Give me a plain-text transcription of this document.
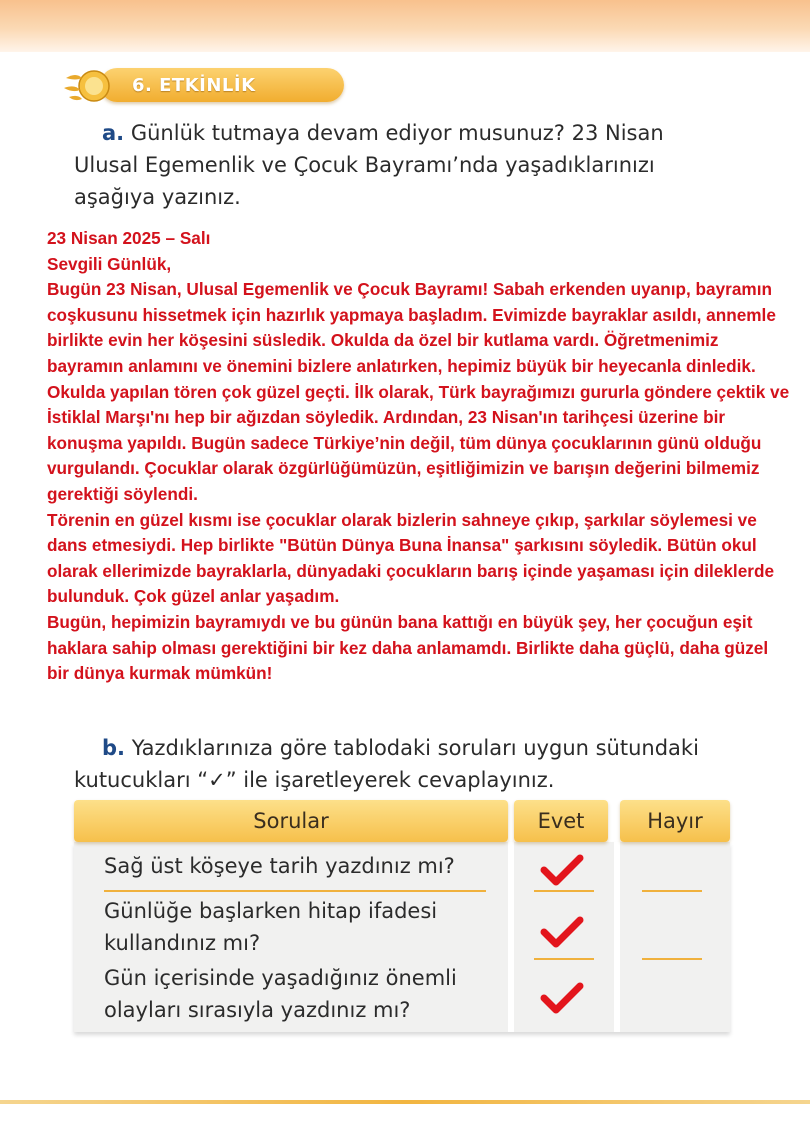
6. ETKİNLİK
a. Günlük tutmaya devam ediyor musunuz? 23 Nisan
Ulusal Egemenlik ve Çocuk Bayramı’nda yaşadıklarınızı
aşağıya yazınız.

23 Nisan 2025 – Salı

Sevgili Günlük,

Bugün 23 Nisan, Ulusal Egemenlik ve Çocuk Bayramı! Sabah erkenden uyanıp, bayramın coşkusunu hissetmek için hazırlık yapmaya başladım. Evimizde bayraklar asıldı, annemle birlikte evin her köşesini süsledik. Okulda da özel bir kutlama vardı. Öğretmenimiz bayramın anlamını ve önemini bizlere anlatırken, hepimiz büyük bir heyecanla dinledik.

Okulda yapılan tören çok güzel geçti. İlk olarak, Türk bayrağımızı gururla göndere çektik ve İstiklal Marşı'nı hep bir ağızdan söyledik. Ardından, 23 Nisan'ın tarihçesi üzerine bir konuşma yapıldı. Bugün sadece Türkiye’nin değil, tüm dünya çocuklarının günü olduğu vurgulandı. Çocuklar olarak özgürlüğümüzün, eşitliğimizin ve barışın değerini bilmemiz gerektiği söylendi.

Törenin en güzel kısmı ise çocuklar olarak bizlerin sahneye çıkıp, şarkılar söylemesi ve dans etmesiydi. Hep birlikte "Bütün Dünya Buna İnansa" şarkısını söyledik. Bütün okul olarak ellerimizde bayraklarla, dünyadaki çocukların barış içinde yaşaması için dileklerde bulunduk. Çok güzel anlar yaşadım.

Bugün, hepimizin bayramıydı ve bu günün bana kattığı en büyük şey, her çocuğun eşit haklara sahip olması gerektiğini bir kez daha anlamamdı. Birlikte daha güçlü, daha güzel bir dünya kurmak mümkün!

b. Yazdıklarınıza göre tablodaki soruları uygun sütundaki
kutucukları “✓” ile işaretleyerek cevaplayınız.
Sorular	Evet	Hayır
Sağ üst köşeye tarih yazdınız mı?
Günlüğe başlarken hitap ifadesi
kullandınız mı?
Gün içerisinde yaşadığınız önemli
olayları sırasıyla yazdınız mı?
